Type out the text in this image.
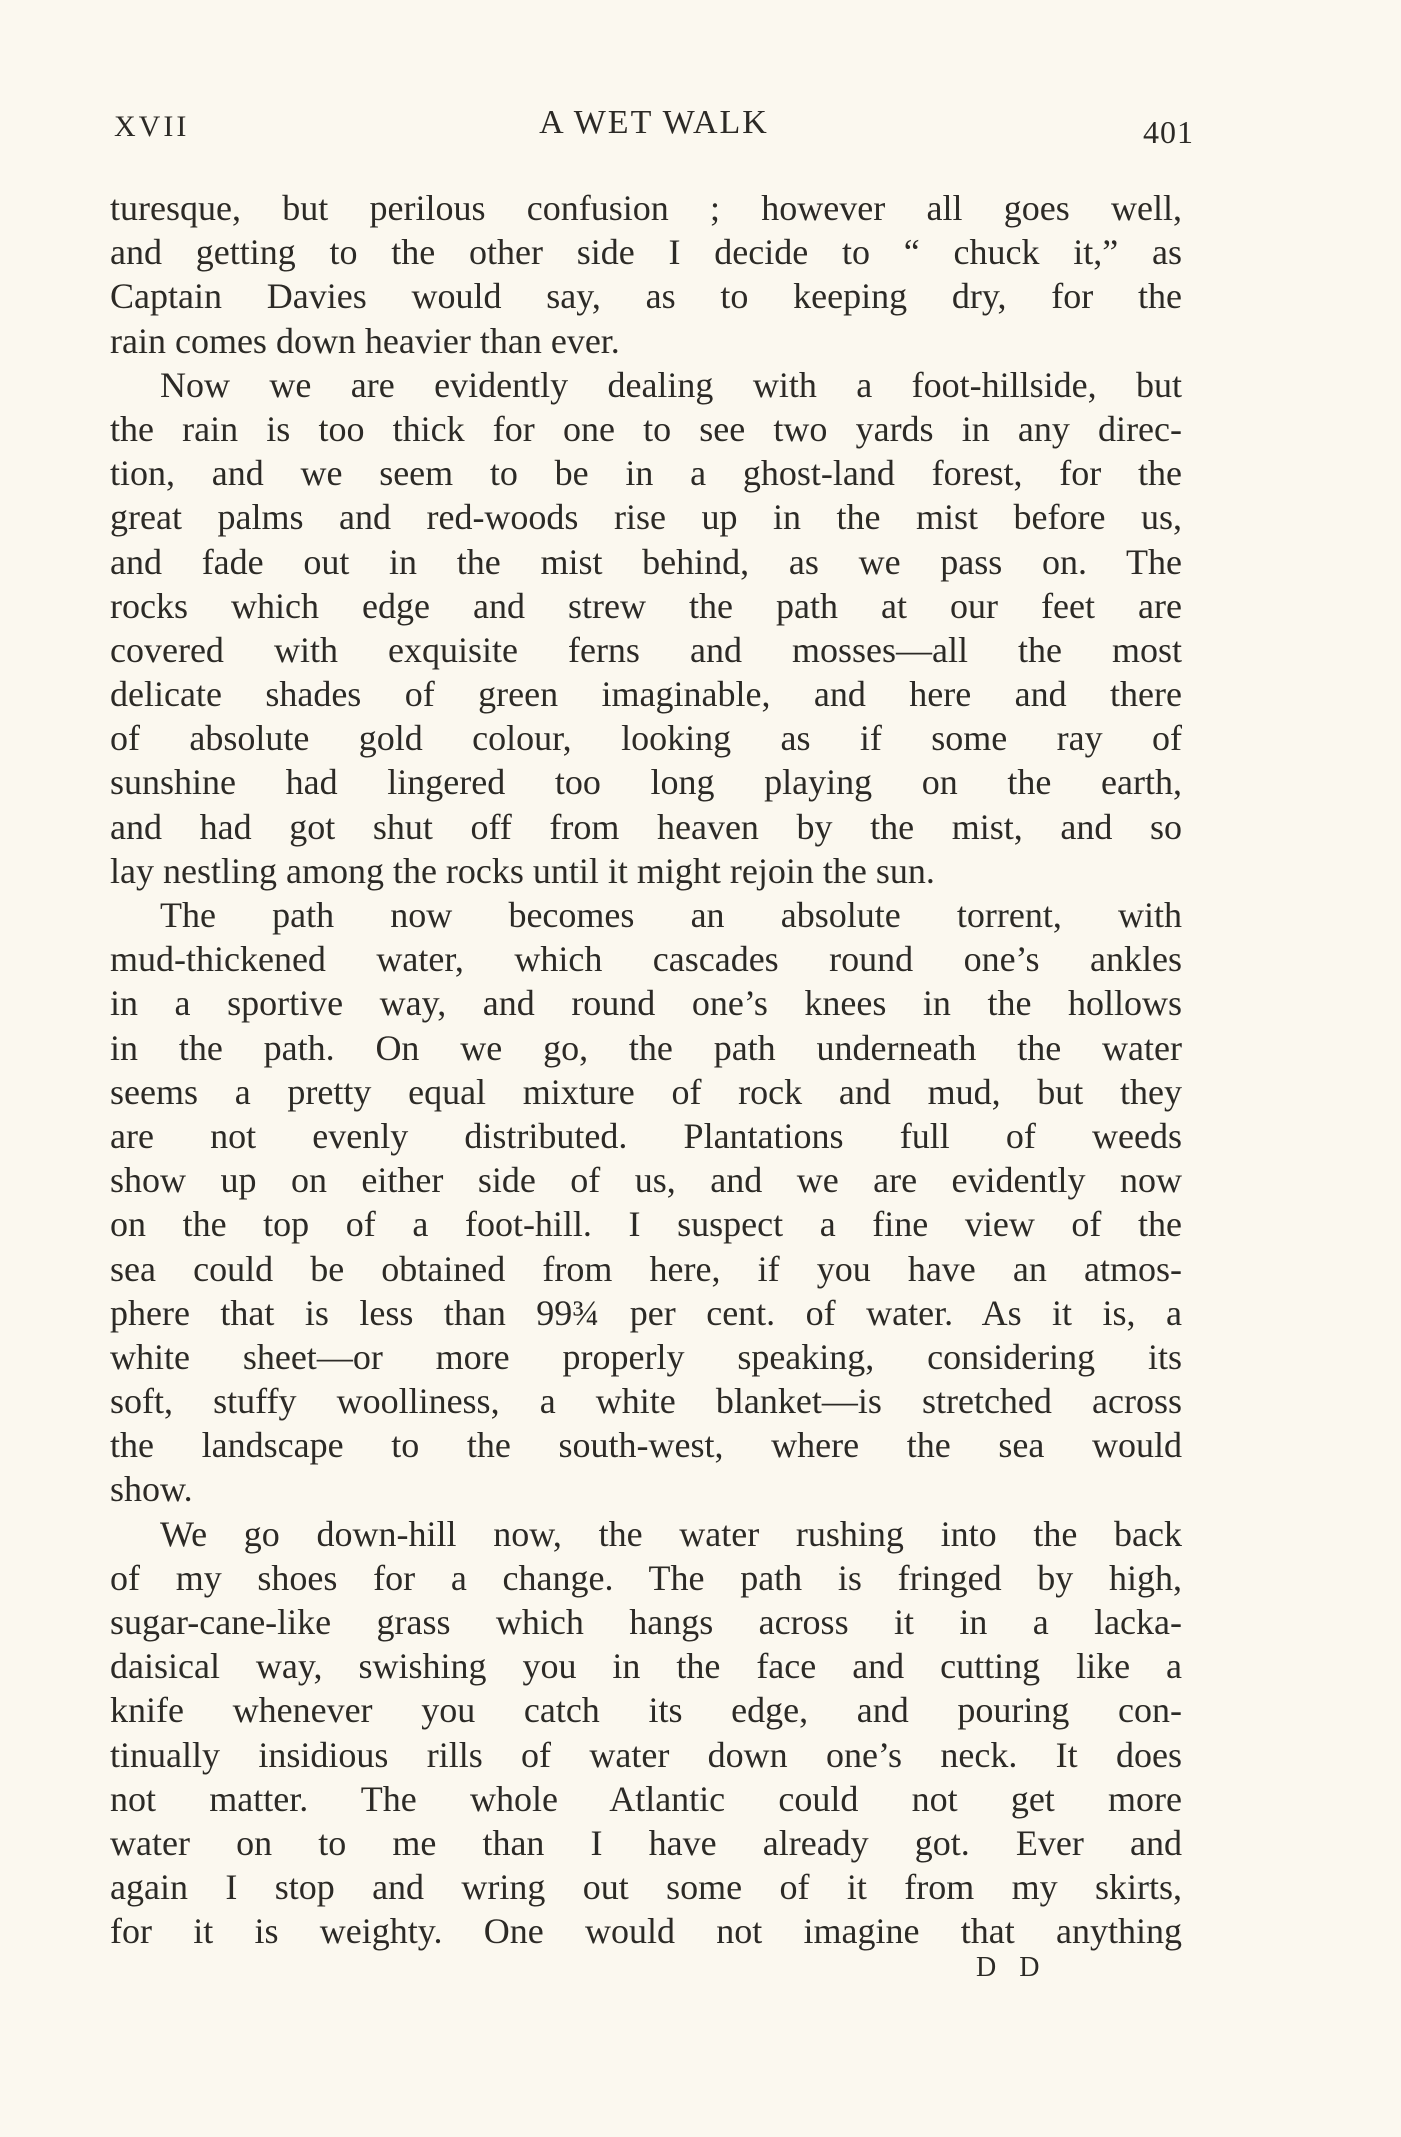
XVII	A WET WALK	401
turesque, but perilous confusion ; however all goes well,
and getting to the other side I decide to “ chuck it,” as
Captain Davies would say, as to keeping dry, for the
rain comes down heavier than ever.
Now we are evidently dealing with a foot-hillside, but
the rain is too thick for one to see two yards in any direc-
tion, and we seem to be in a ghost-land forest, for the
great palms and red-woods rise up in the mist before us,
and fade out in the mist behind, as we pass on. The
rocks which edge and strew the path at our feet are
covered with exquisite ferns and mosses—all the most
delicate shades of green imaginable, and here and there
of absolute gold colour, looking as if some ray of
sunshine had lingered too long playing on the earth,
and had got shut off from heaven by the mist, and so
lay nestling among the rocks until it might rejoin the sun.
The path now becomes an absolute torrent, with
mud-thickened water, which cascades round one’s ankles
in a sportive way, and round one’s knees in the hollows
in the path. On we go, the path underneath the water
seems a pretty equal mixture of rock and mud, but they
are not evenly distributed. Plantations full of weeds
show up on either side of us, and we are evidently now
on the top of a foot-hill. I suspect a fine view of the
sea could be obtained from here, if you have an atmos-
phere that is less than 99¾ per cent. of water. As it is, a
white sheet—or more properly speaking, considering its
soft, stuffy woolliness, a white blanket—is stretched across
the landscape to the south-west, where the sea would
show.
We go down-hill now, the water rushing into the back
of my shoes for a change. The path is fringed by high,
sugar-cane-like grass which hangs across it in a lacka-
daisical way, swishing you in the face and cutting like a
knife whenever you catch its edge, and pouring con-
tinually insidious rills of water down one’s neck. It does
not matter. The whole Atlantic could not get more
water on to me than I have already got. Ever and
again I stop and wring out some of it from my skirts,
for it is weighty. One would not imagine that anything
D D
